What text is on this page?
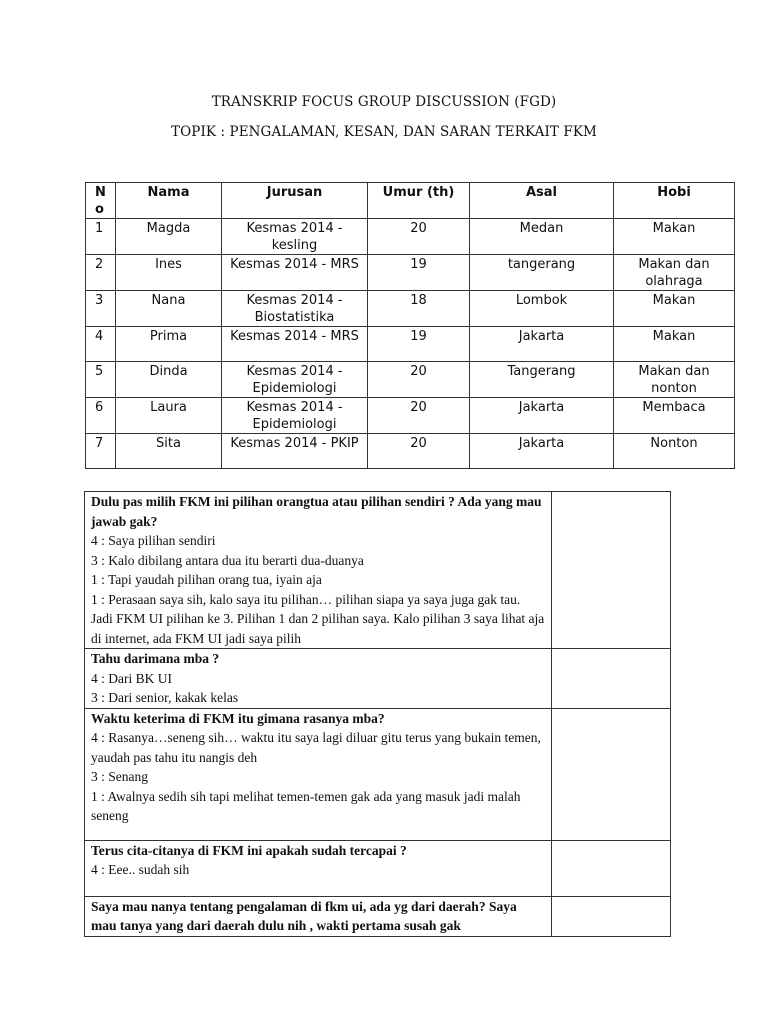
TRANSKRIP FOCUS GROUP DISCUSSION (FGD)
TOPIK : PENGALAMAN, KESAN, DAN SARAN TERKAIT FKM
No	Nama	Jurusan	Umur (th)	Asal	Hobi
1	Magda	Kesmas 2014 - kesling	20	Medan	Makan
2	Ines	Kesmas 2014 - MRS	19	tangerang	Makan dan olahraga
3	Nana	Kesmas 2014 - Biostatistika	18	Lombok	Makan
4	Prima	Kesmas 2014 - MRS	19	Jakarta	Makan
5	Dinda	Kesmas 2014 - Epidemiologi	20	Tangerang	Makan dan nonton
6	Laura	Kesmas 2014 - Epidemiologi	20	Jakarta	Membaca
7	Sita	Kesmas 2014 - PKIP	20	Jakarta	Nonton
Dulu pas milih FKM ini pilihan orangtua atau pilihan sendiri ? Ada yang mau jawab gak?
4 : Saya pilihan sendiri
3 : Kalo dibilang antara dua itu berarti dua-duanya
1 : Tapi yaudah pilihan orang tua, iyain aja
1 : Perasaan saya sih, kalo saya itu pilihan… pilihan siapa ya saya juga gak tau. Jadi FKM UI pilihan ke 3. Pilihan 1 dan 2 pilihan saya. Kalo pilihan 3 saya lihat aja di internet, ada FKM UI jadi saya pilih	

Tahu darimana mba ?
4 : Dari BK UI
3 : Dari senior, kakak kelas	

Waktu keterima di FKM itu gimana rasanya mba?
4 : Rasanya…seneng sih… waktu itu saya lagi diluar gitu terus yang bukain temen, yaudah pas tahu itu nangis deh
3 : Senang
1 : Awalnya sedih sih tapi melihat temen-temen gak ada yang masuk jadi malah seneng	

Terus cita-citanya di FKM ini apakah sudah tercapai ?
4 : Eee.. sudah sih	

Saya mau nanya tentang pengalaman di fkm ui, ada yg dari daerah? Saya mau tanya yang dari daerah dulu nih , wakti pertama susah gak	
